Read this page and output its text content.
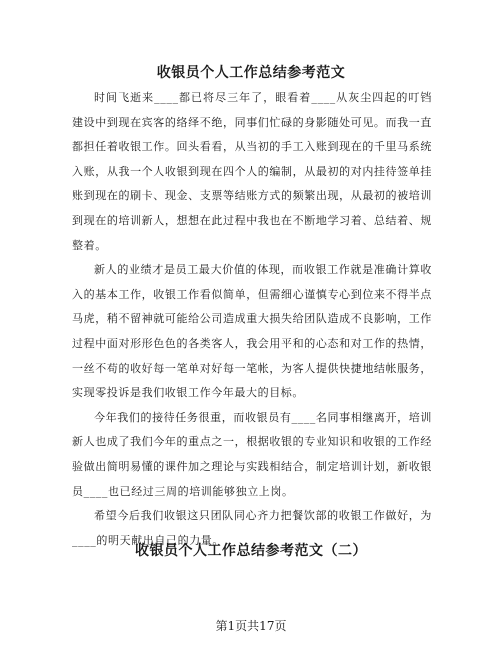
收银员个人工作总结参考范文

时间飞逝来____都已将尽三年了，眼看着____从灰尘四起的叮铛建设中到现在宾客的络绎不绝，同事们忙碌的身影随处可见。而我一直都担任着收银工作。回头看看，从当初的手工入账到现在的千里马系统入账，从我一个人收银到现在四个人的编制，从最初的对内挂待签单挂账到现在的刷卡、现金、支票等结账方式的频繁出现，从最初的被培训到现在的培训新人，想想在此过程中我也在不断地学习着、总结着、规整着。

新人的业绩才是员工最大价值的体现，而收银工作就是准确计算收入的基本工作，收银工作看似简单，但需细心谨慎专心到位来不得半点马虎，稍不留神就可能给公司造成重大损失给团队造成不良影响，工作过程中面对形形色色的各类客人，我会用平和的心态和对工作的热情，一丝不苟的收好每一笔单对好每一笔帐，为客人提供快捷地结帐服务，实现零投诉是我们收银工作今年最大的目标。

今年我们的接待任务很重，而收银员有____名同事相继离开，培训新人也成了我们今年的重点之一，根据收银的专业知识和收银的工作经验做出简明易懂的课件加之理论与实践相结合，制定培训计划，新收银员____也已经过三周的培训能够独立上岗。

希望今后我们收银这只团队同心齐力把餐饮部的收银工作做好，为____的明天献出自己的力量。

收银员个人工作总结参考范文（二）
第1页共17页
